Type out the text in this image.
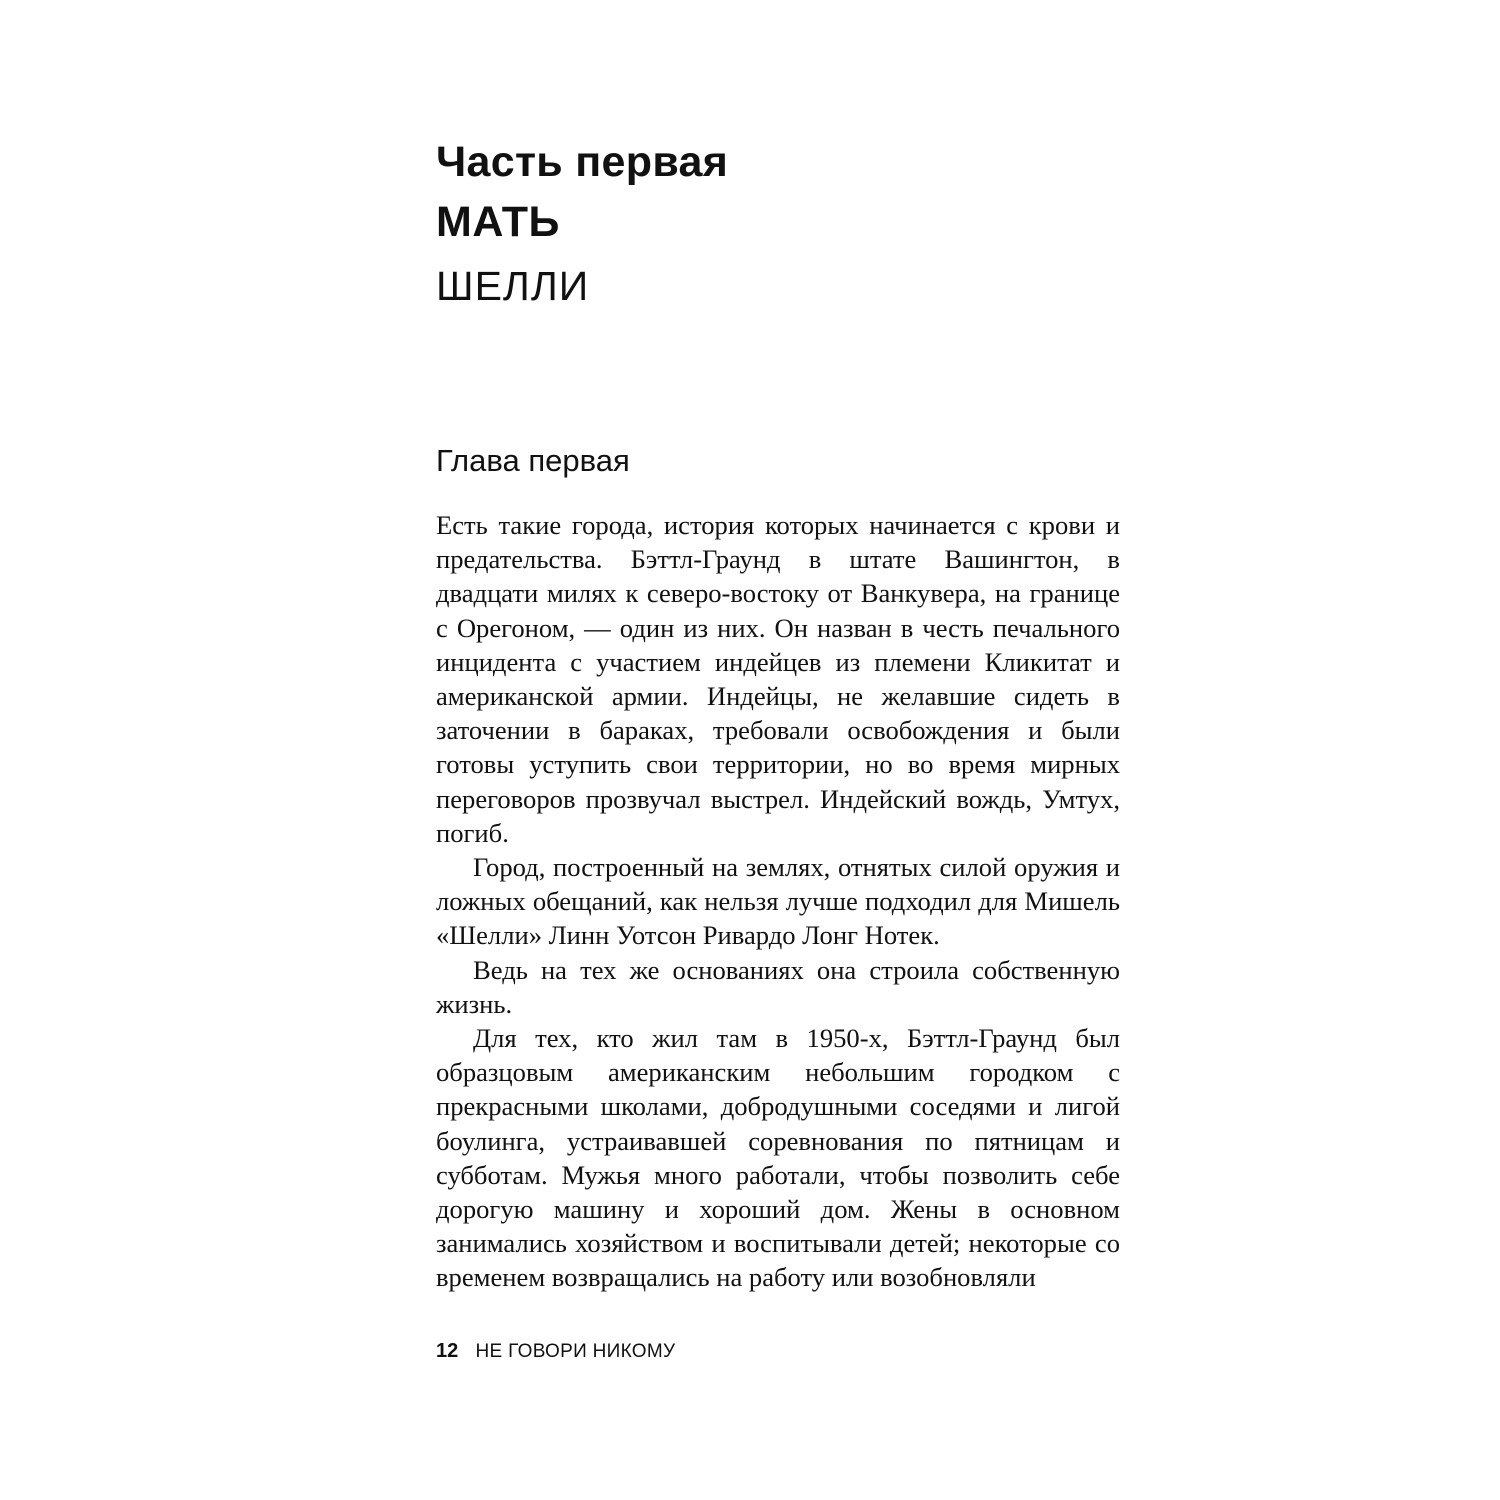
Часть первая
МАТЬ
ШЕЛЛИ
Глава первая

Есть такие города, история которых начинается с крови и предательства. Бэттл-Граунд в штате Вашингтон, в двадцати милях к северо-востоку от Ванкувера, на границе с Орегоном, — один из них. Он назван в честь печального инцидента с участием индейцев из племени Кликитат и американской армии. Индейцы, не желавшие сидеть в заточении в бараках, требовали освобождения и были готовы уступить свои территории, но во время мирных переговоров прозвучал выстрел. Индейский вождь, Умтух, погиб.

Город, построенный на землях, отнятых силой оружия и ложных обещаний, как нельзя лучше подходил для Мишель «Шелли» Линн Уотсон Ривардо Лонг Нотек.

Ведь на тех же основаниях она строила собственную жизнь.

Для тех, кто жил там в 1950-х, Бэттл-Граунд был образцовым американским небольшим городком с прекрасными школами, добродушными соседями и лигой боулинга, устраивавшей соревнования по пятницам и субботам. Мужья много работали, чтобы позволить себе дорогую машину и хороший дом. Жены в основном занимались хозяйством и воспитывали детей; некоторые со временем возвращались на работу или возобновляли

12 НЕ ГОВОРИ НИКОМУ
